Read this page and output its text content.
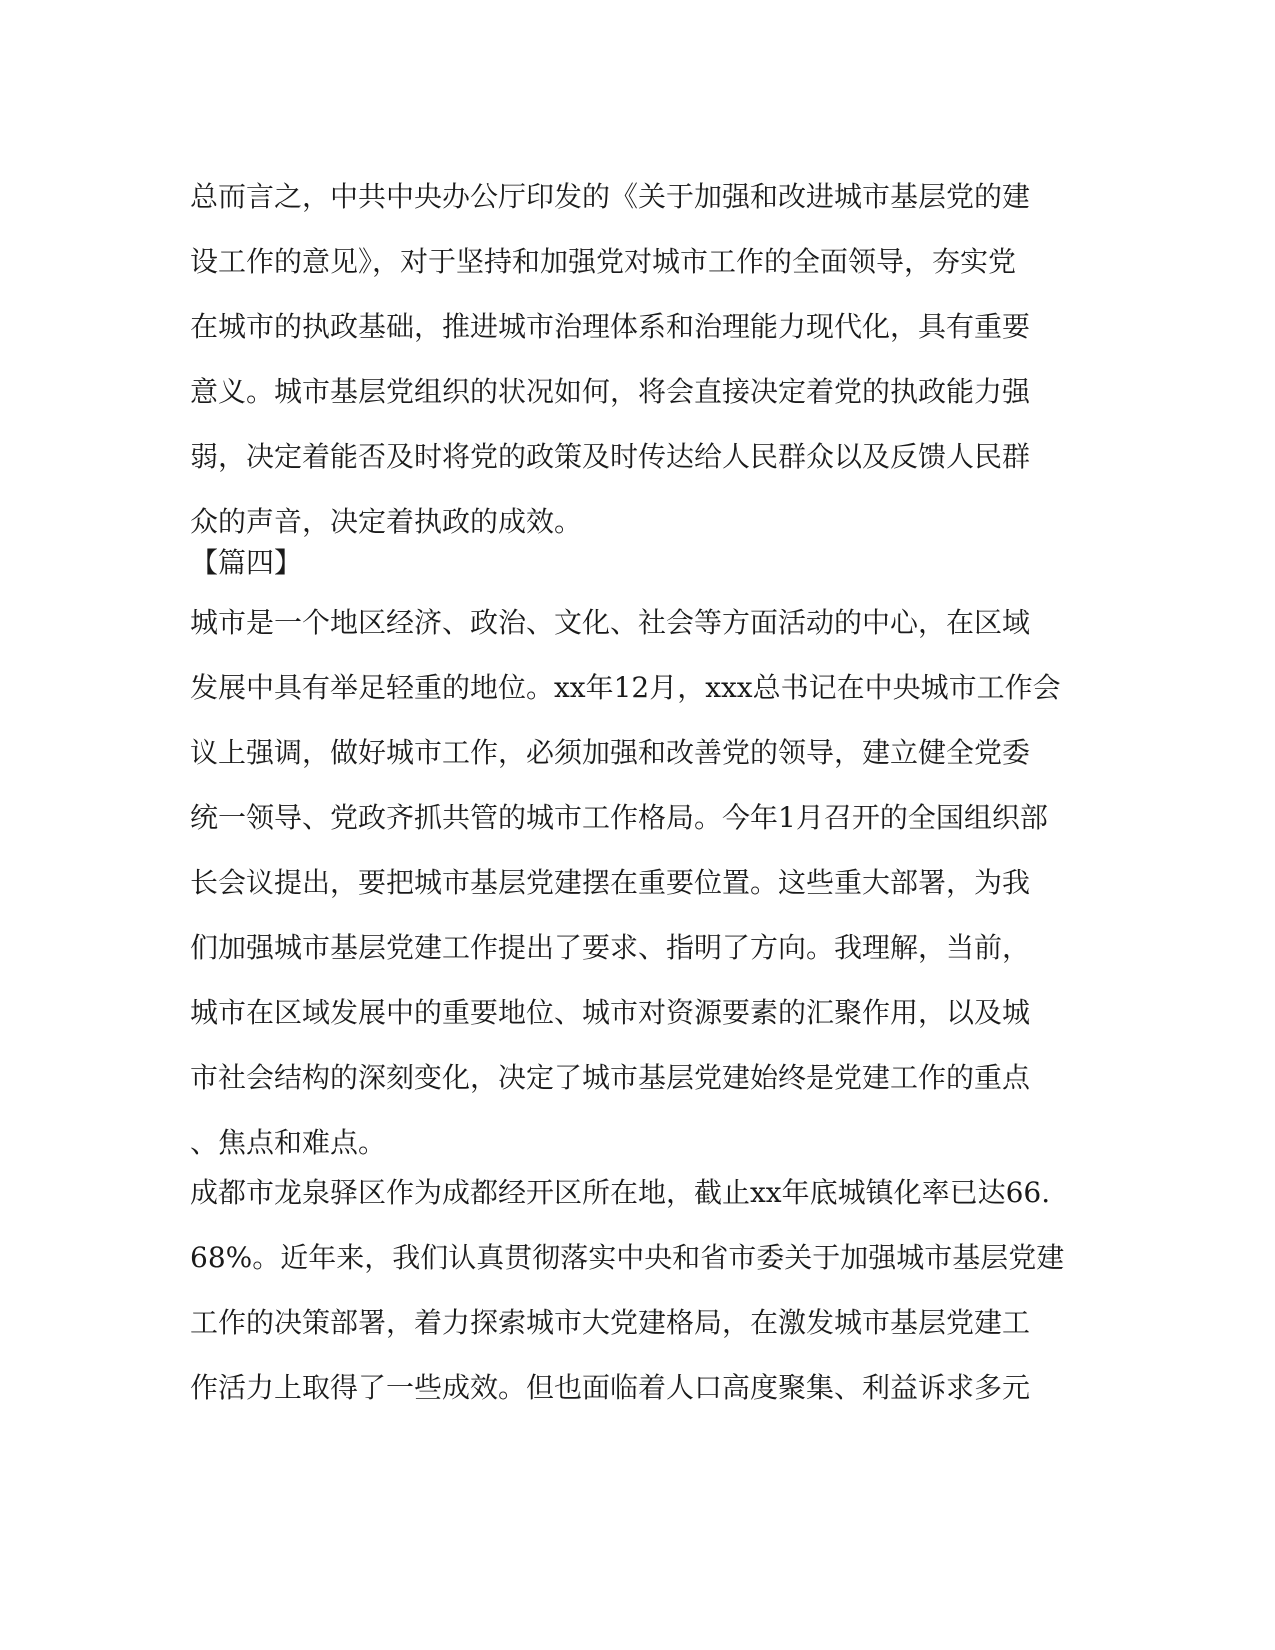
总而言之，中共中央办公厅印发的《关于加强和改进城市基层党的建
设工作的意见》，对于坚持和加强党对城市工作的全面领导，夯实党
在城市的执政基础，推进城市治理体系和治理能力现代化，具有重要
意义。城市基层党组织的状况如何，将会直接决定着党的执政能力强
弱，决定着能否及时将党的政策及时传达给人民群众以及反馈人民群
众的声音，决定着执政的成效。
【篇四】
城市是一个地区经济、政治、文化、社会等方面活动的中心，在区域
发展中具有举足轻重的地位。xx年12月，xxx总书记在中央城市工作会
议上强调，做好城市工作，必须加强和改善党的领导，建立健全党委
统一领导、党政齐抓共管的城市工作格局。今年1月召开的全国组织部
长会议提出，要把城市基层党建摆在重要位置。这些重大部署，为我
们加强城市基层党建工作提出了要求、指明了方向。我理解，当前，
城市在区域发展中的重要地位、城市对资源要素的汇聚作用，以及城
市社会结构的深刻变化，决定了城市基层党建始终是党建工作的重点
、焦点和难点。
成都市龙泉驿区作为成都经开区所在地，截止xx年底城镇化率已达66.
68%。近年来，我们认真贯彻落实中央和省市委关于加强城市基层党建
工作的决策部署，着力探索城市大党建格局，在激发城市基层党建工
作活力上取得了一些成效。但也面临着人口高度聚集、利益诉求多元
